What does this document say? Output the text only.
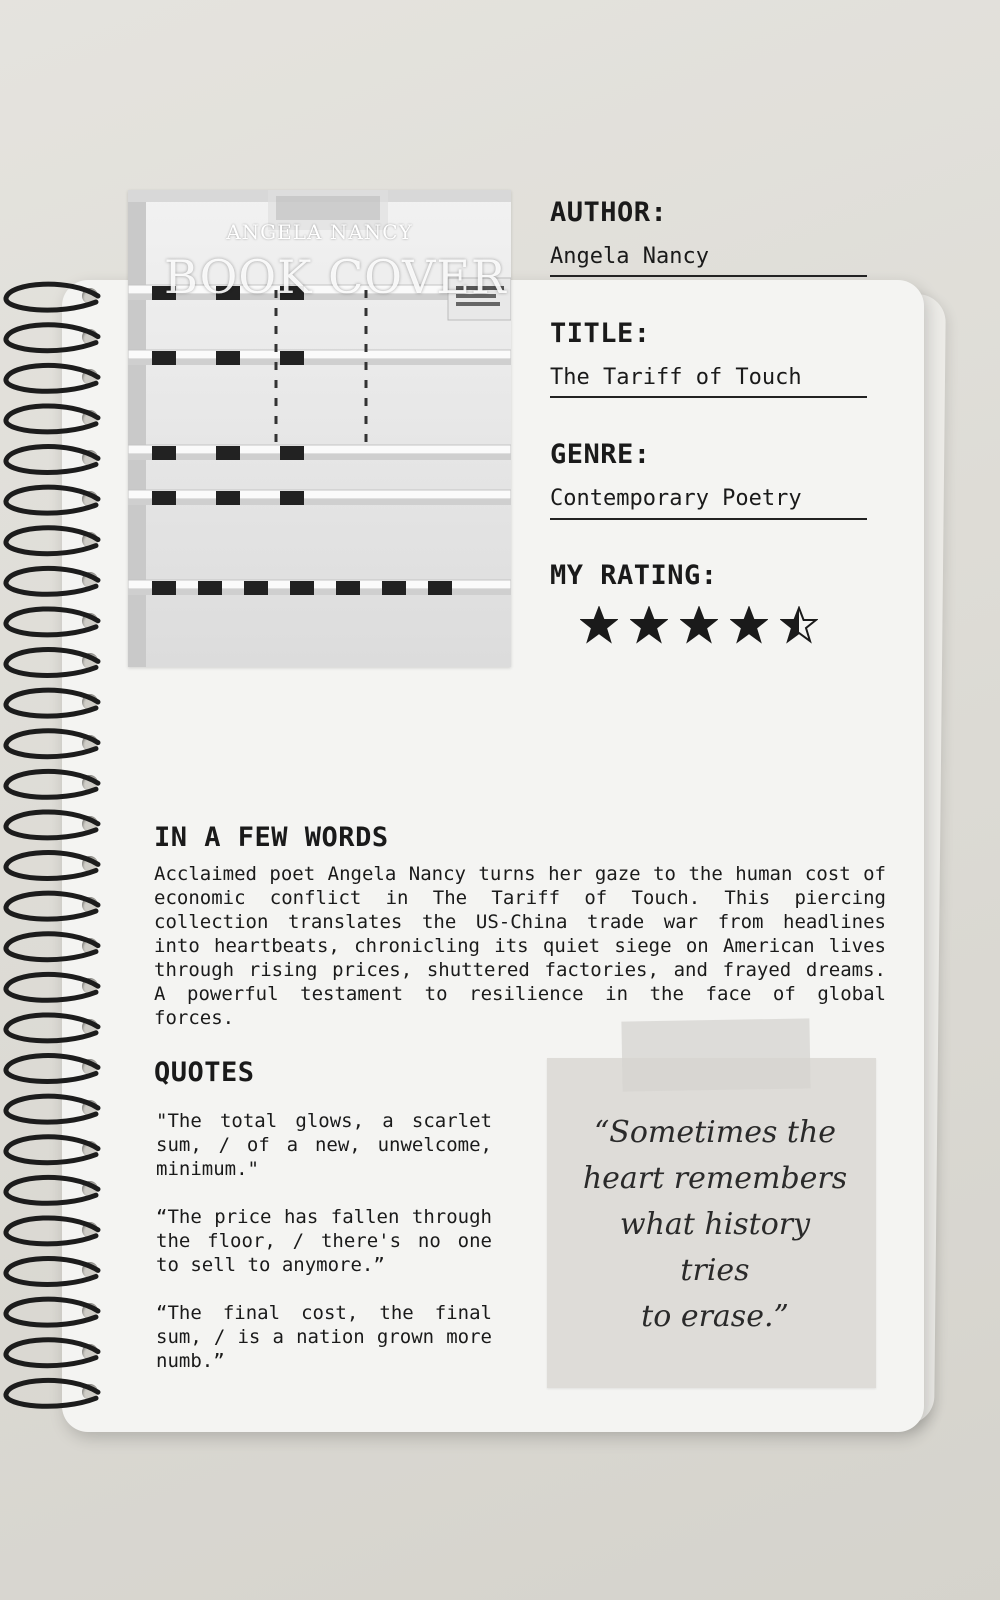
ANGELA NANCY
BOOK COVER
AUTHOR:
Angela Nancy
TITLE:
The Tariff of Touch
GENRE:
Contemporary Poetry
MY RATING:
IN A FEW WORDS

Acclaimed poet Angela Nancy turns her gaze to the human cost of economic conflict in The Tariff of Touch. This piercing collection translates the US-China trade war from headlines into heartbeats, chronicling its quiet siege on American lives through rising prices, shuttered factories, and frayed dreams. A powerful testament to resilience in the face of global forces.

QUOTES

"The total glows, a scarlet sum, / of a new, unwelcome, minimum."

“The price has fallen through the floor, / there's no one to sell to anymore.”

“The final cost, the final sum, / is a nation grown more numb.”

“Sometimes the
heart remembers
what history
tries
to erase.”
